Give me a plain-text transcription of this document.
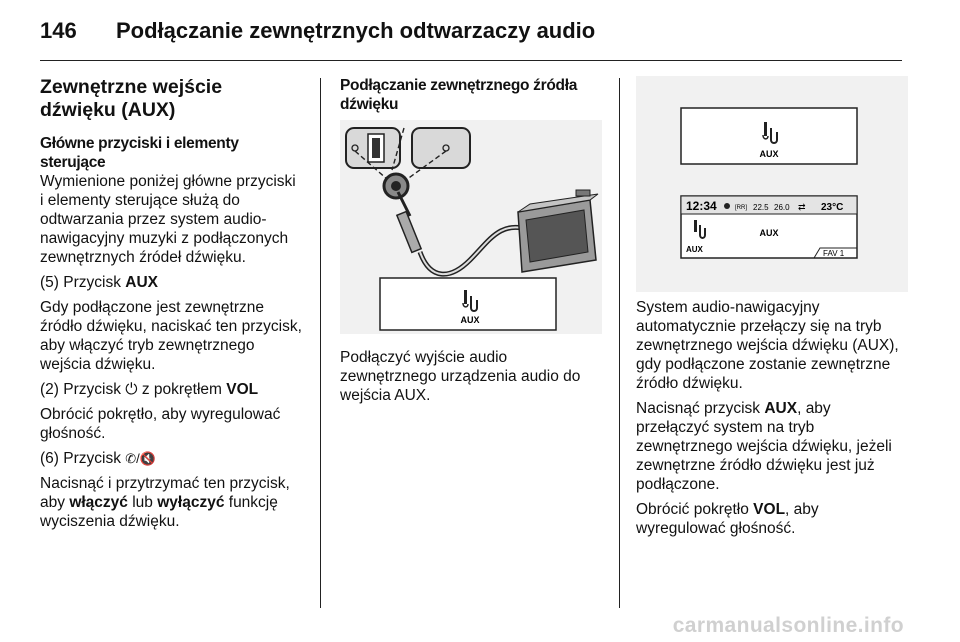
146 Podłączanie zewnętrznych odtwarzaczy audio
Zewnętrzne wejście dźwięku (AUX)
Główne przyciski i elementy sterujące

Wymienione poniżej główne przyciski i elementy sterujące służą do odtwarzania przez system audio-nawigacyjny muzyki z podłączonych zewnętrznych źródeł dźwięku.

(5) Przycisk AUX

Gdy podłączone jest zewnętrzne źródło dźwięku, naciskać ten przycisk, aby włączyć tryb zewnętrznego wejścia dźwięku.

(2) Przycisk ⏻ z pokrętłem VOL

Obrócić pokrętło, aby wyregulować głośność.

(6) Przycisk ✆/🔇

Nacisnąć i przytrzymać ten przycisk, aby włączyć lub wyłączyć funkcję wyciszenia dźwięku.

Podłączanie zewnętrznego źródła dźwięku
AUX
Podłączyć wyjście audio zewnętrznego urządzenia audio do wejścia AUX.
AUX
12:34	[RR] 22.5 26.0 ⇄ 23°C
AUX
AUX
FAV 1

System audio-nawigacyjny automatycznie przełączy się na tryb zewnętrznego wejścia dźwięku (AUX), gdy podłączone zostanie zewnętrzne źródło dźwięku.

Nacisnąć przycisk AUX, aby przełączyć system na tryb zewnętrznego wejścia dźwięku, jeżeli zewnętrzne źródło dźwięku jest już podłączone.

Obrócić pokrętło VOL, aby wyregulować głośność.

carmanualsonline.info
